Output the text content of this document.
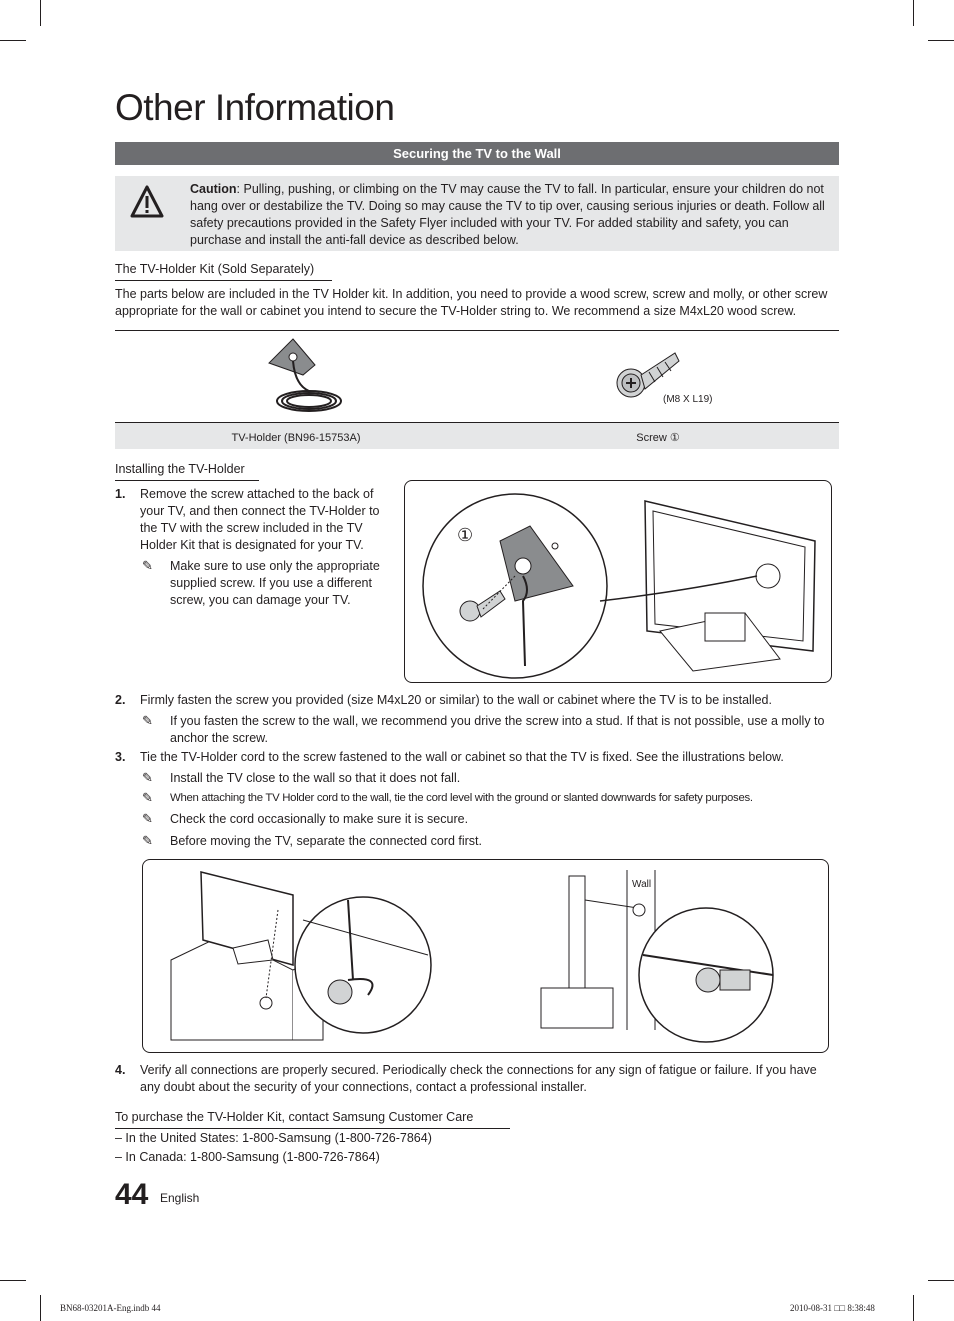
Other Information
Securing the TV to the Wall
Caution: Pulling, pushing, or climbing on the TV may cause the TV to fall. In particular, ensure your children do not hang over or destabilize the TV. Doing so may cause the TV to tip over, causing serious injuries or death. Follow all safety precautions provided in the Safety Flyer included with your TV. For added stability and safety, you can purchase and install the anti-fall device as described below.
The TV-Holder Kit (Sold Separately)
The parts below are included in the TV Holder kit. In addition, you need to provide a wood screw, screw and molly, or other screw appropriate for the wall or cabinet you intend to secure the TV-Holder string to. We recommend a size M4xL20 wood screw.
(M8 X L19)
TV-Holder (BN96-15753A)	Screw ①
Installing the TV-Holder
1. Remove the screw attached to the back of your TV, and then connect the TV-Holder to the TV with the screw included in the TV Holder Kit that is designated for your TV.
✎ Make sure to use only the appropriate supplied screw. If you use a different screw, you can damage your TV.
①
2. Firmly fasten the screw you provided (size M4xL20 or similar) to the wall or cabinet where the TV is to be installed.
✎ If you fasten the screw to the wall, we recommend you drive the screw into a stud. If that is not possible, use a molly to anchor the screw.
3. Tie the TV-Holder cord to the screw fastened to the wall or cabinet so that the TV is fixed. See the illustrations below.
✎ Install the TV close to the wall so that it does not fall.
✎ When attaching the TV Holder cord to the wall, tie the cord level with the ground or slanted downwards for safety purposes.
✎ Check the cord occasionally to make sure it is secure.
✎ Before moving the TV, separate the connected cord first.
Wall
4. Verify all connections are properly secured. Periodically check the connections for any sign of fatigue or failure. If you have any doubt about the security of your connections, contact a professional installer.
To purchase the TV-Holder Kit, contact Samsung Customer Care
– In the United States: 1-800-Samsung (1-800-726-7864)
– In Canada: 1-800-Samsung (1-800-726-7864)
44 English
BN68-03201A-Eng.indb 44	2010-08-31 □□ 8:38:48
